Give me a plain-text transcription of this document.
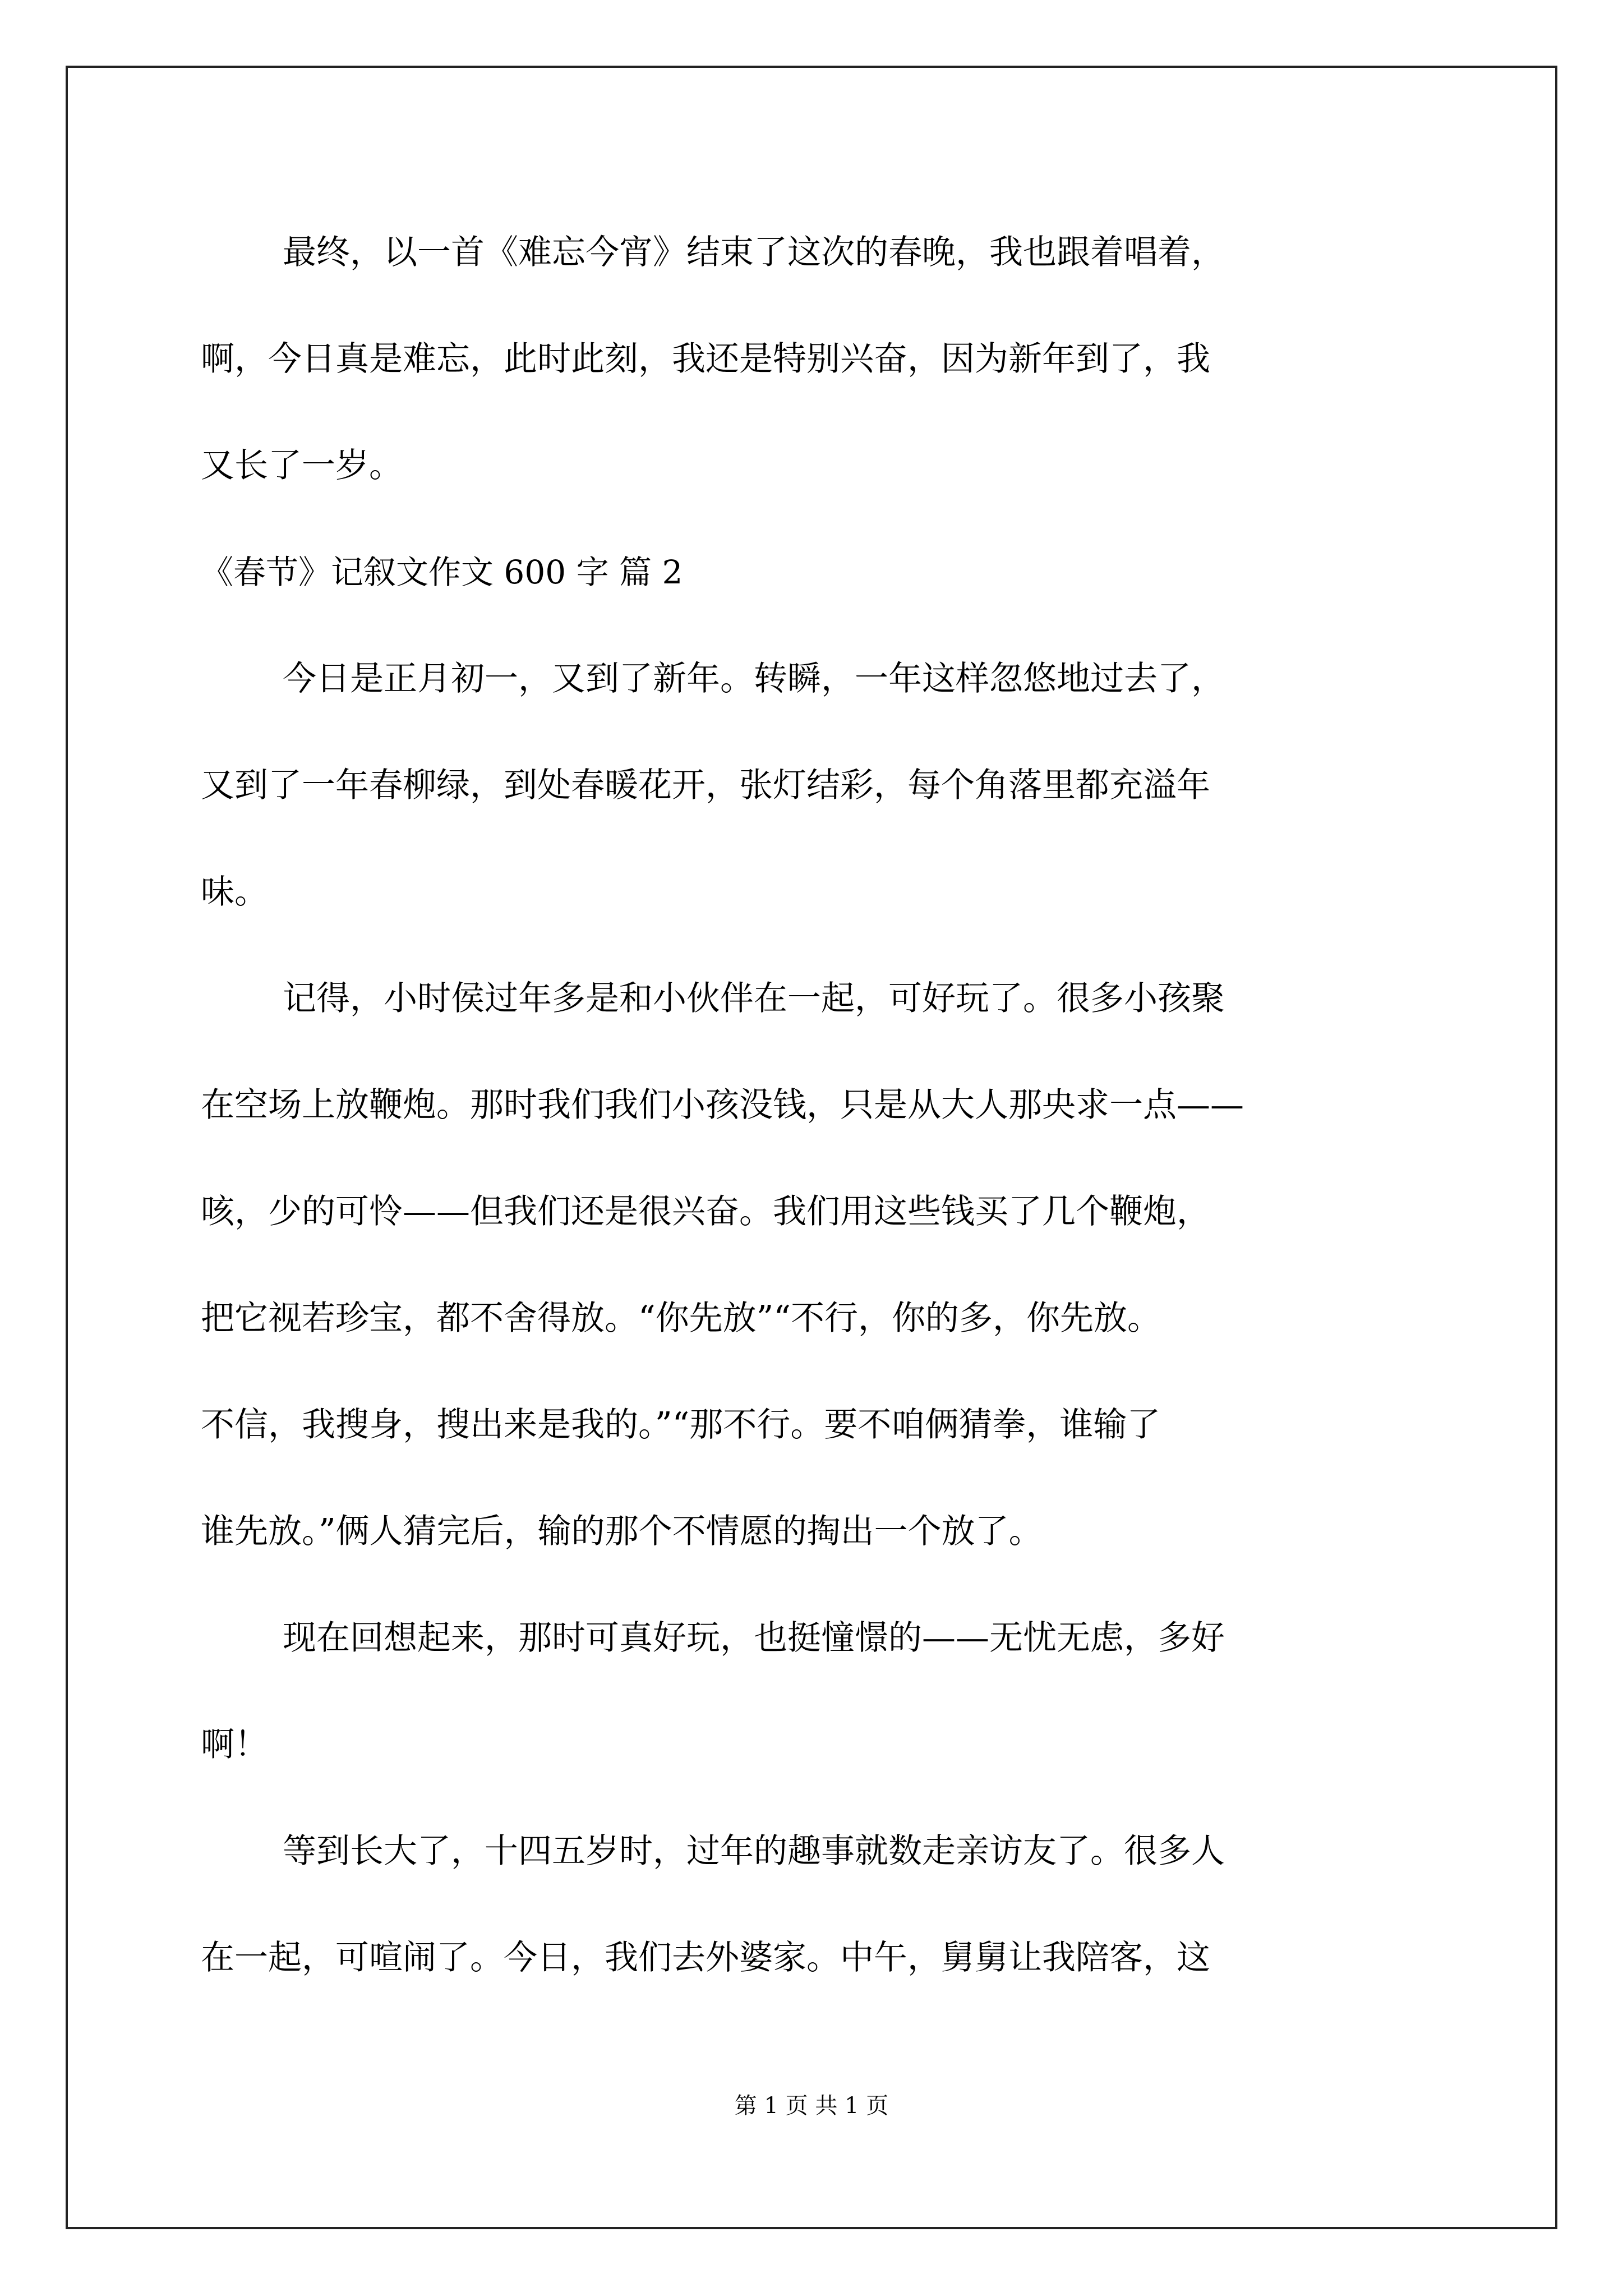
最终，以一首《难忘今宵》结束了这次的春晚，我也跟着唱着，
啊，今日真是难忘，此时此刻，我还是特别兴奋，因为新年到了，我
又长了一岁。
《春节》记叙文作文 600 字 篇 2
今日是正月初一，又到了新年。转瞬，一年这样忽悠地过去了，
又到了一年春柳绿，到处春暖花开，张灯结彩，每个角落里都充溢年
味。
记得，小时侯过年多是和小伙伴在一起，可好玩了。很多小孩聚
在空场上放鞭炮。那时我们我们小孩没钱，只是从大人那央求一点——
咳，少的可怜——但我们还是很兴奋。我们用这些钱买了几个鞭炮，
把它视若珍宝，都不舍得放。“你先放”“不行，你的多，你先放。
不信，我搜身，搜出来是我的。”“那不行。要不咱俩猜拳，谁输了
谁先放。”俩人猜完后，输的那个不情愿的掏出一个放了。
现在回想起来，那时可真好玩，也挺憧憬的——无忧无虑，多好
啊！
等到长大了，十四五岁时，过年的趣事就数走亲访友了。很多人
在一起，可喧闹了。今日，我们去外婆家。中午，舅舅让我陪客，这
第 1 页 共 1 页
